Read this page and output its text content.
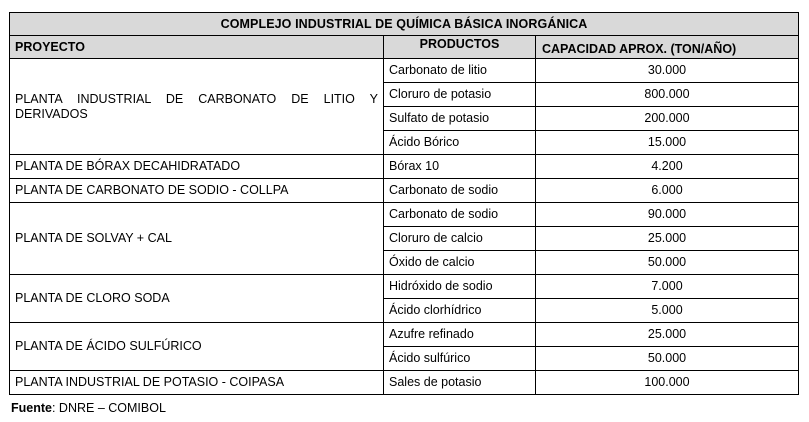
COMPLEJO INDUSTRIAL DE QUÍMICA BÁSICA INORGÁNICA		
PROYECTO	PRODUCTOS	CAPACIDAD APROX. (TON/AÑO)
PLANTA INDUSTRIAL DE CARBONATO DE LITIO Y DERIVADOS	Carbonato de litio	30.000
	Cloruro de potasio	800.000
	Sulfato de potasio	200.000
	Ácido Bórico	15.000
PLANTA DE BÓRAX DECAHIDRATADO	Bórax 10	4.200
PLANTA DE CARBONATO DE SODIO - COLLPA	Carbonato de sodio	6.000
PLANTA DE SOLVAY + CAL	Carbonato de sodio	90.000
	Cloruro de calcio	25.000
	Óxido de calcio	50.000
PLANTA DE CLORO SODA	Hidróxido de sodio	7.000
	Ácido clorhídrico	5.000
PLANTA DE ÁCIDO SULFÚRICO	Azufre refinado	25.000
	Ácido sulfúrico	50.000
PLANTA INDUSTRIAL DE POTASIO - COIPASA	Sales de potasio	100.000
Fuente: DNRE – COMIBOL
